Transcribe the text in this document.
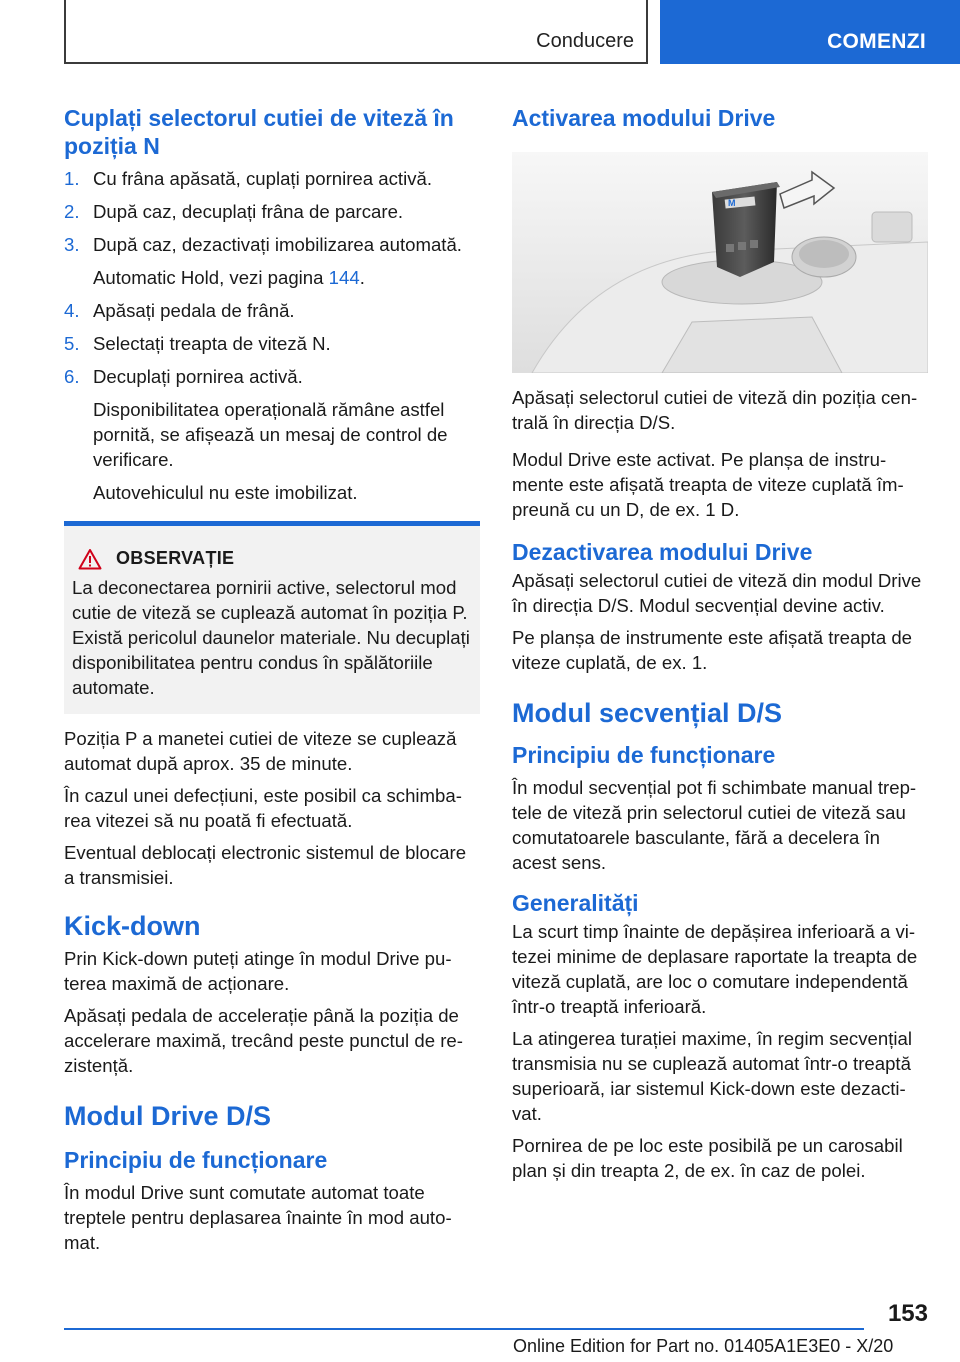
Conducere	COMENZI
Cuplați selectorul cutiei de viteză în poziția N
1. Cu frâna apăsată, cuplați pornirea activă.
2. După caz, decuplați frâna de parcare.
3. După caz, dezactivați imobilizarea automată.

Automatic Hold, vezi pagina 144.

4. Apăsați pedala de frână.
5. Selectați treapta de viteză N.
6. Decuplați pornirea activă.

Disponibilitatea operațională rămâne astfel pornită, se afișează un mesaj de control de verificare.

Autovehiculul nu este imobilizat.

OBSERVAȚIE

La deconectarea pornirii active, selectorul mod cutie de viteză se cuplează automat în poziția P. Există pericolul daunelor materiale. Nu decuplați disponibilitatea pentru condus în spălătoriile automate.

Poziția P a manetei cutiei de viteze se cuplează automat după aprox. 35 de minute.

În cazul unei defecțiuni, este posibil ca schimbarea vitezei să nu poată fi efectuată.

Eventual deblocați electronic sistemul de blocare a transmisiei.

Kick-down

Prin Kick-down puteți atinge în modul Drive puterea maximă de acționare.

Apăsați pedala de accelerație până la poziția de accelerare maximă, trecând peste punctul de rezistență.

Modul Drive D/S
Principiu de funcționare

În modul Drive sunt comutate automat toate treptele pentru deplasarea înainte în mod automat.

Activarea modului Drive
M

Apăsați selectorul cutiei de viteză din poziția centrală în direcția D/S.

Modul Drive este activat. Pe planșa de instrumente este afișată treapta de viteze cuplată împreună cu un D, de ex. 1 D.

Dezactivarea modului Drive

Apăsați selectorul cutiei de viteză din modul Drive în direcția D/S. Modul secvențial devine activ.

Pe planșa de instrumente este afișată treapta de viteze cuplată, de ex. 1.

Modul secvențial D/S
Principiu de funcționare

În modul secvențial pot fi schimbate manual treptele de viteză prin selectorul cutiei de viteză sau comutatoarele basculante, fără a decelera în acest sens.

Generalități

La scurt timp înainte de depășirea inferioară a vitezei minime de deplasare raportate la treapta de viteză cuplată, are loc o comutare independentă într-o treaptă inferioară.

La atingerea turației maxime, în regim secvențial transmisia nu se cuplează automat într-o treaptă superioară, iar sistemul Kick-down este dezactivat.

Pornirea de pe loc este posibilă pe un carosabil plan și din treapta 2, de ex. în caz de polei.

153
Online Edition for Part no. 01405A1E3E0 - X/20
